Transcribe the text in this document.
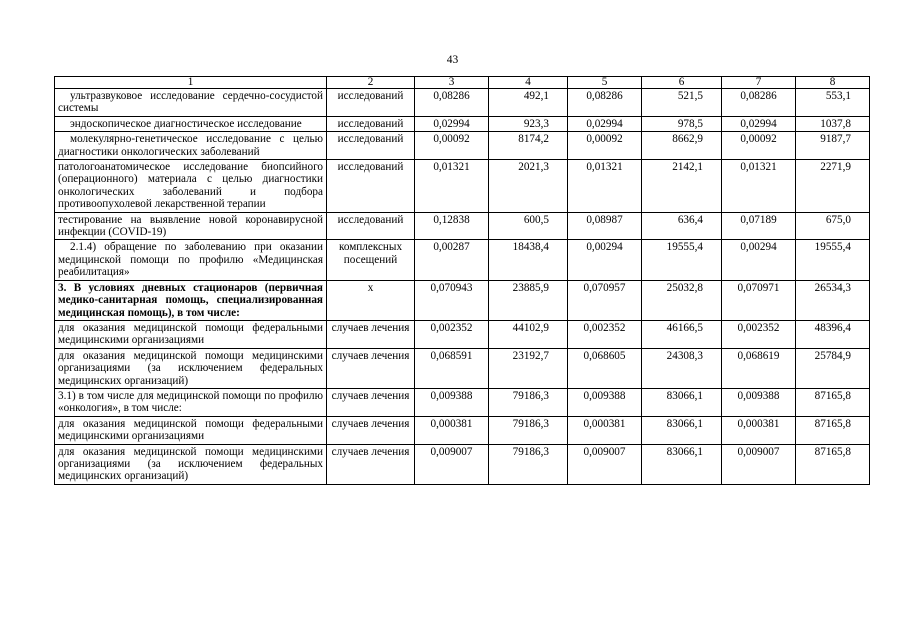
43
1	2	3	4	5	6	7	8
ультразвуковое исследование сердечно-сосудистой системы	исследований	0,08286	492,1	0,08286	521,5	0,08286	553,1
эндоскопическое диагностическое исследование	исследований	0,02994	923,3	0,02994	978,5	0,02994	1037,8
молекулярно-генетическое исследование с целью диагностики онкологических заболеваний	исследований	0,00092	8174,2	0,00092	8662,9	0,00092	9187,7
патологоанатомическое исследование биопсийного (операционного) материала с целью диагностики онкологических заболеваний и подбора противоопухолевой лекарственной терапии	исследований	0,01321	2021,3	0,01321	2142,1	0,01321	2271,9
тестирование на выявление новой коронавирусной инфекции (COVID-19)	исследований	0,12838	600,5	0,08987	636,4	0,07189	675,0
2.1.4) обращение по заболеванию при оказании медицинской помощи по профилю «Медицинская реабилитация»	комплексных посещений	0,00287	18438,4	0,00294	19555,4	0,00294	19555,4
3. В условиях дневных стационаров (первичная медико-санитарная помощь, специализированная медицинская помощь), в том числе:	х	0,070943	23885,9	0,070957	25032,8	0,070971	26534,3
для оказания медицинской помощи федеральными медицинскими организациями	случаев лечения	0,002352	44102,9	0,002352	46166,5	0,002352	48396,4
для оказания медицинской помощи медицинскими организациями (за исключением федеральных медицинских организаций)	случаев лечения	0,068591	23192,7	0,068605	24308,3	0,068619	25784,9
3.1) в том числе для медицинской помощи по профилю «онкология», в том числе:	случаев лечения	0,009388	79186,3	0,009388	83066,1	0,009388	87165,8
для оказания медицинской помощи федеральными медицинскими организациями	случаев лечения	0,000381	79186,3	0,000381	83066,1	0,000381	87165,8
для оказания медицинской помощи медицинскими организациями (за исключением федеральных медицинских организаций)	случаев лечения	0,009007	79186,3	0,009007	83066,1	0,009007	87165,8
